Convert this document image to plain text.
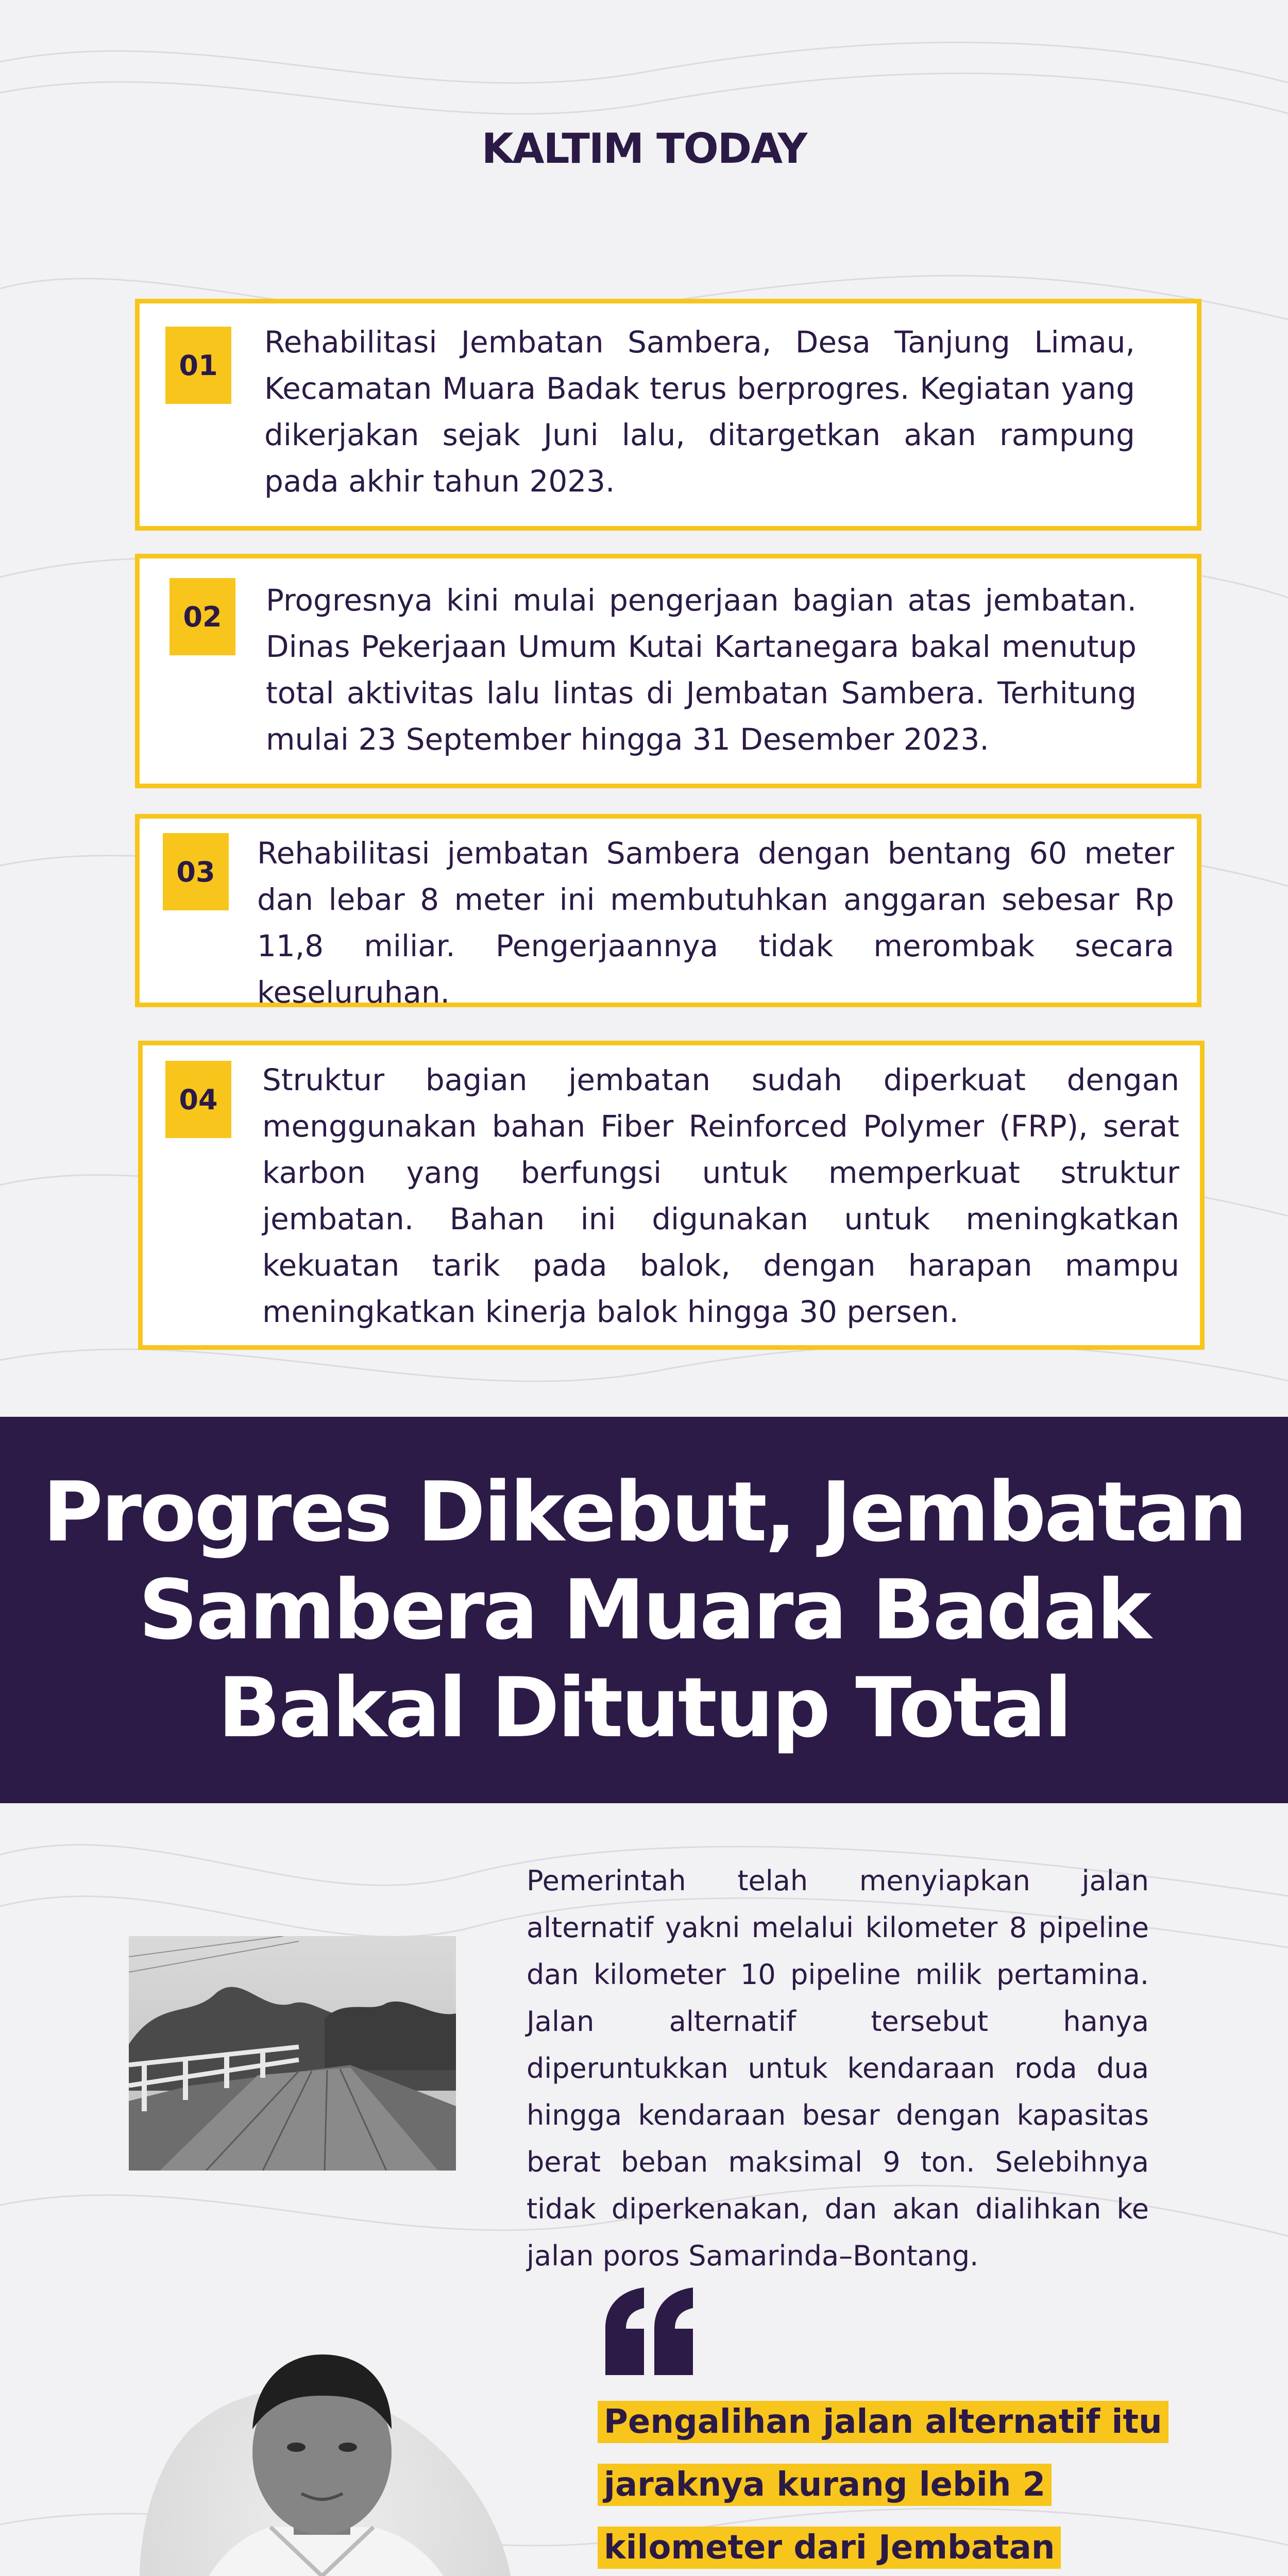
KALTIM TODAY
01

Rehabilitasi Jembatan Sambera, Desa Tanjung Limau, Kecamatan Muara Badak terus berprogres. Kegiatan yang dikerjakan sejak Juni lalu, ditargetkan akan rampung pada akhir tahun 2023.

02	Progresnya kini mulai pengerjaan bagian atas jembatan. Dinas Pekerjaan Umum Kutai Kartanegara bakal menutup total aktivitas lalu lintas di Jembatan Sambera. Terhitung mulai 23 September hingga 31 Desember 2023.

03

Rehabilitasi jembatan Sambera dengan bentang 60 meter dan lebar 8 meter ini membutuhkan anggaran sebesar Rp 11,8 miliar. Pengerjaannya tidak merombak secara keseluruhan.

04

Struktur bagian jembatan sudah diperkuat dengan menggunakan bahan Fiber Reinforced Polymer (FRP), serat karbon yang berfungsi untuk memperkuat struktur jembatan. Bahan ini digunakan untuk meningkatkan kekuatan tarik pada balok, dengan harapan mampu meningkatkan kinerja balok hingga 30 persen.

Progres Dikebut, Jembatan
Sambera Muara Badak
Bakal Ditutup Total

Pemerintah telah menyiapkan jalan alternatif yakni melalui kilometer 8 pipeline dan kilometer 10 pipeline milik pertamina. Jalan alternatif tersebut hanya diperuntukkan untuk kendaraan roda dua hingga kendaraan besar dengan kapasitas berat beban maksimal 9 ton. Selebihnya tidak diperkenakan, dan akan dialihkan ke jalan poros Samarinda–Bontang.

Pengalihan jalan alternatif itu jaraknya kurang lebih 2 kilometer dari Jembatan
